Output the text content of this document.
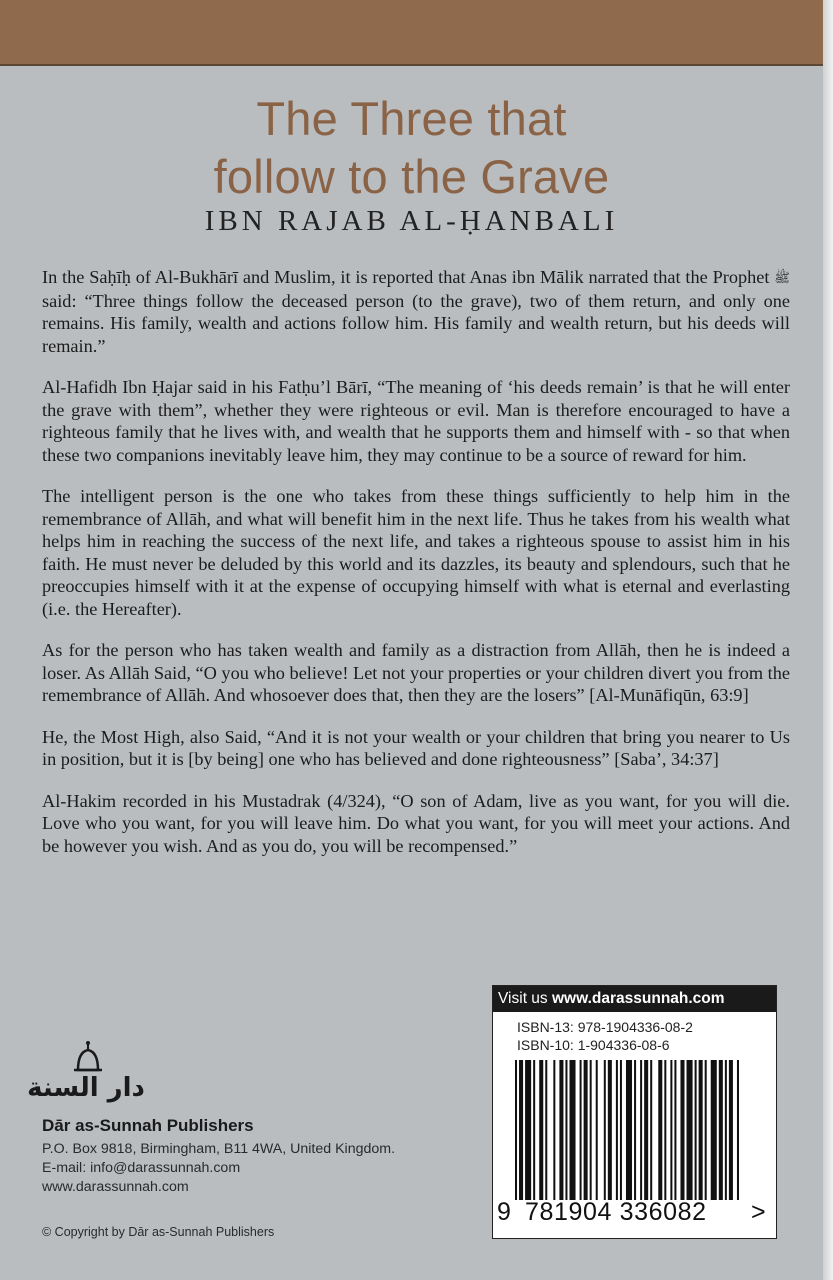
The Three that
follow to the Grave
IBN RAJAB AL-ḤANBALI

In the Saḥīḥ of Al-Bukhārī and Muslim, it is reported that Anas ibn Mālik narrated that the Prophet ﷺ said: “Three things follow the deceased person (to the grave), two of them return, and only one remains. His family, wealth and actions follow him. His family and wealth return, but his deeds will remain.”

Al-Hafidh Ibn Ḥajar said in his Fatḥu’l Bārī, “The meaning of ‘his deeds remain’ is that he will enter the grave with them”, whether they were righteous or evil. Man is therefore encouraged to have a righteous family that he lives with, and wealth that he supports them and himself with - so that when these two companions inevitably leave him, they may continue to be a source of reward for him.

The intelligent person is the one who takes from these things sufficiently to help him in the remembrance of Allāh, and what will benefit him in the next life. Thus he takes from his wealth what helps him in reaching the success of the next life, and takes a righteous spouse to assist him in his faith. He must never be deluded by this world and its dazzles, its beauty and splendours, such that he preoccupies himself with it at the expense of occupying himself with what is eternal and everlasting (i.e. the Hereafter).

As for the person who has taken wealth and family as a distraction from Allāh, then he is indeed a loser. As Allāh Said, “O you who believe! Let not your properties or your children divert you from the remembrance of Allāh. And whosoever does that, then they are the losers” [Al-Munāfiqūn, 63:9]

He, the Most High, also Said, “And it is not your wealth or your children that bring you nearer to Us in position, but it is [by being] one who has believed and done righteousness” [Saba’, 34:37]

Al-Hakim recorded in his Mustadrak (4/324), “O son of Adam, live as you want, for you will die. Love who you want, for you will leave him. Do what you want, for you will meet your actions. And be however you wish. And as you do, you will be recompensed.”

دار السنة
Dār as-Sunnah Publishers
P.O. Box 9818, Birmingham, B11 4WA, United Kingdom.
E-mail: info@darassunnah.com
www.darassunnah.com
© Copyright by Dār as-Sunnah Publishers
Visit us www.darassunnah.com
ISBN-13: 978-1904336-08-2
ISBN-10: 1-904336-08-6
9 781904 336082 >
